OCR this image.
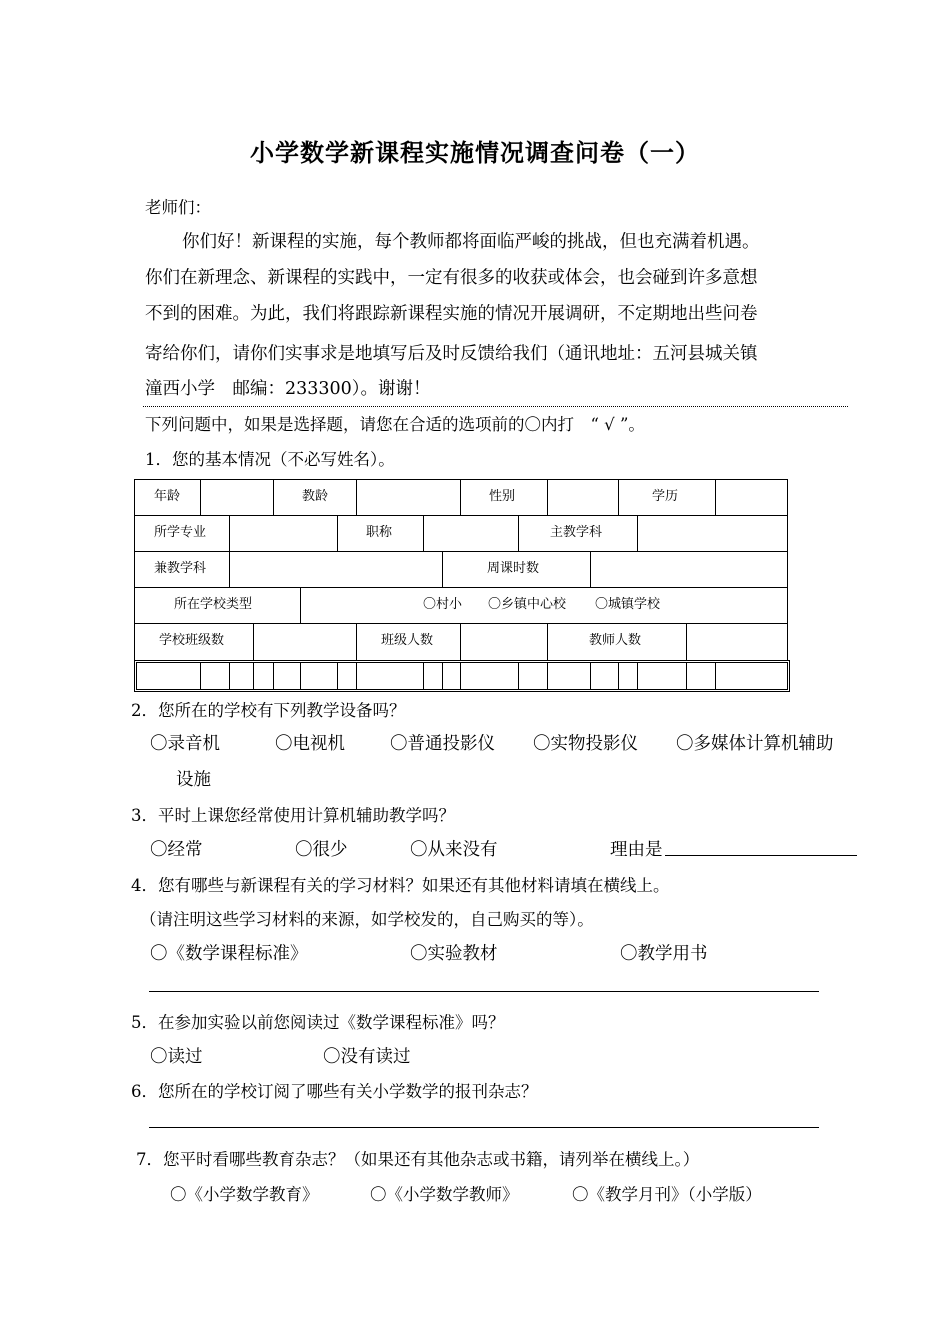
小学数学新课程实施情况调查问卷（一）
老师们：
你们好！新课程的实施，每个教师都将面临严峻的挑战，但也充满着机遇。
你们在新理念、新课程的实践中，一定有很多的收获或体会，也会碰到许多意想
不到的困难。为此，我们将跟踪新课程实施的情况开展调研，不定期地出些问卷
寄给你们，请你们实事求是地填写后及时反馈给我们（通讯地址：五河县城关镇
潼西小学　邮编：233300）。谢谢！
下列问题中，如果是选择题，请您在合适的选项前的〇内打　“ √ ”。
1．您的基本情况（不必写姓名）。
年龄	教龄	性别	学历
所学专业	职称	主教学科
兼教学科	周课时数
所在学校类型	〇村小 〇乡镇中心校 〇城镇学校
学校班级数	班级人数	教师人数
2．您所在的学校有下列教学设备吗？
〇录音机	〇电视机	〇普通投影仪 〇实物投影仪 〇多媒体计算机辅助
设施
3．平时上课您经常使用计算机辅助教学吗？
〇经常	〇很少	〇从来没有	理由是
4．您有哪些与新课程有关的学习材料？如果还有其他材料请填在横线上。
（请注明这些学习材料的来源，如学校发的，自己购买的等）。
〇《数学课程标准》	〇实验教材	〇教学用书
5．在参加实验以前您阅读过《数学课程标准》吗？
〇读过	〇没有读过
6．您所在的学校订阅了哪些有关小学数学的报刊杂志？
7．您平时看哪些教育杂志？（如果还有其他杂志或书籍，请列举在横线上。）
〇《小学数学教育》	〇《小学数学教师》	〇《教学月刊》（小学版）
